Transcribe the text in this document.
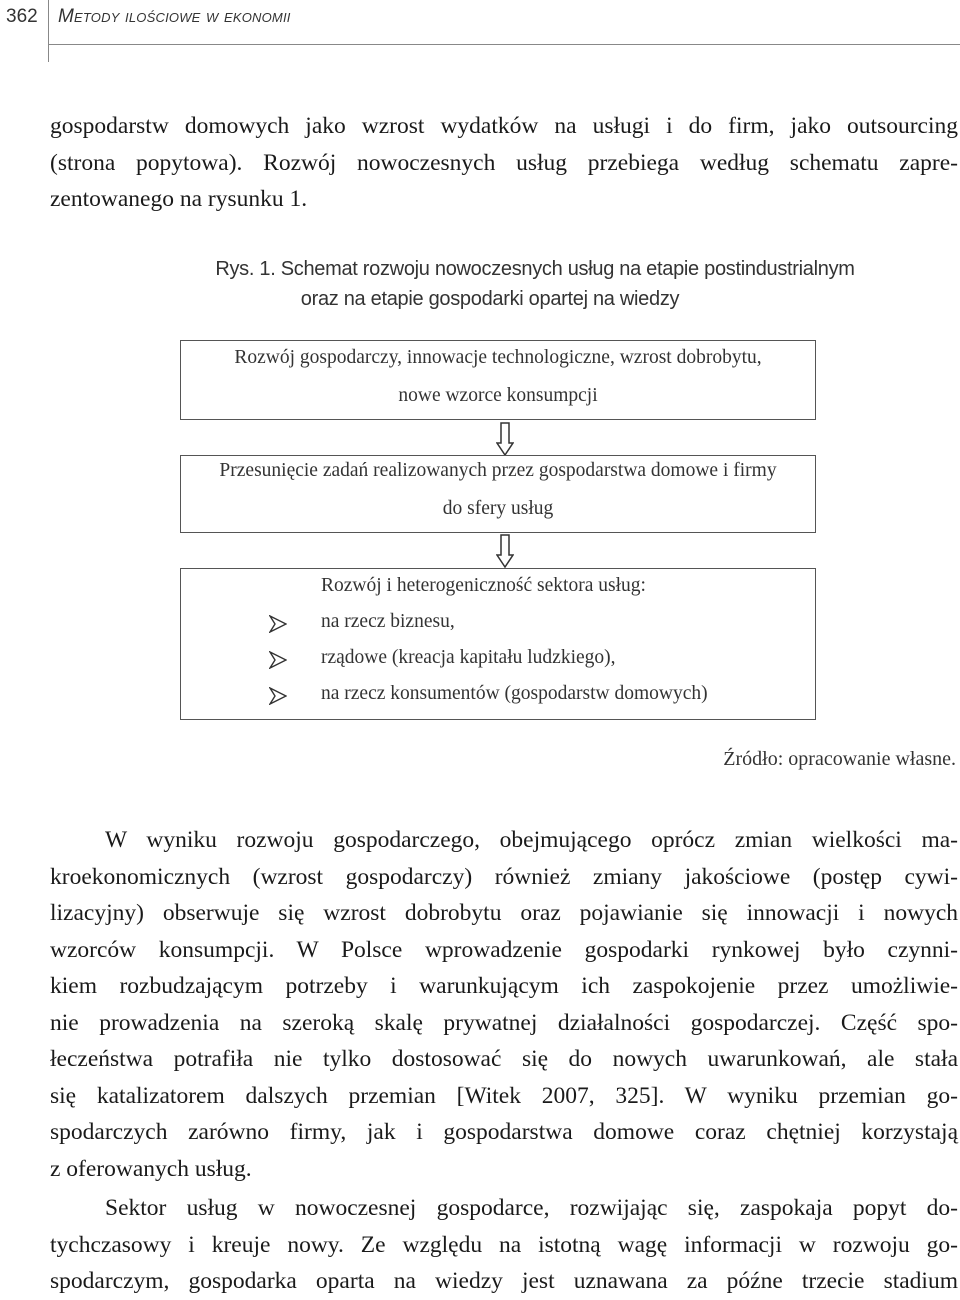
362 Metody ilościowe w ekonomii
gospodarstw domowych jako wzrost wydatków na usługi i do firm, jako outsourcing
(strona popytowa). Rozwój nowoczesnych usług przebiega według schematu zapre-
zentowanego na rysunku 1.
Rys. 1. Schemat rozwoju nowoczesnych usług na etapie postindustrialnym
oraz na etapie gospodarki opartej na wiedzy
Rozwój gospodarczy, innowacje technologiczne, wzrost dobrobytu,
nowe wzorce konsumpcji
Przesunięcie zadań realizowanych przez gospodarstwa domowe i firmy
do sfery usług
Rozwój i heterogeniczność sektora usług:
na rzecz biznesu,
rządowe (kreacja kapitału ludzkiego),
na rzecz konsumentów (gospodarstw domowych)
Źródło: opracowanie własne.
W wyniku rozwoju gospodarczego, obejmującego oprócz zmian wielkości ma-
kroekonomicznych (wzrost gospodarczy) również zmiany jakościowe (postęp cywi-
lizacyjny) obserwuje się wzrost dobrobytu oraz pojawianie się innowacji i nowych
wzorców konsumpcji. W Polsce wprowadzenie gospodarki rynkowej było czynni-
kiem rozbudzającym potrzeby i warunkującym ich zaspokojenie przez umożliwie-
nie prowadzenia na szeroką skalę prywatnej działalności gospodarczej. Część spo-
łeczeństwa potrafiła nie tylko dostosować się do nowych uwarunkowań, ale stała
się katalizatorem dalszych przemian [Witek 2007, 325]. W wyniku przemian go-
spodarczych zarówno firmy, jak i gospodarstwa domowe coraz chętniej korzystają
z oferowanych usług.
Sektor usług w nowoczesnej gospodarce, rozwijając się, zaspokaja popyt do-
tychczasowy i kreuje nowy. Ze względu na istotną wagę informacji w rozwoju go-
spodarczym, gospodarka oparta na wiedzy jest uznawana za późne trzecie stadium
